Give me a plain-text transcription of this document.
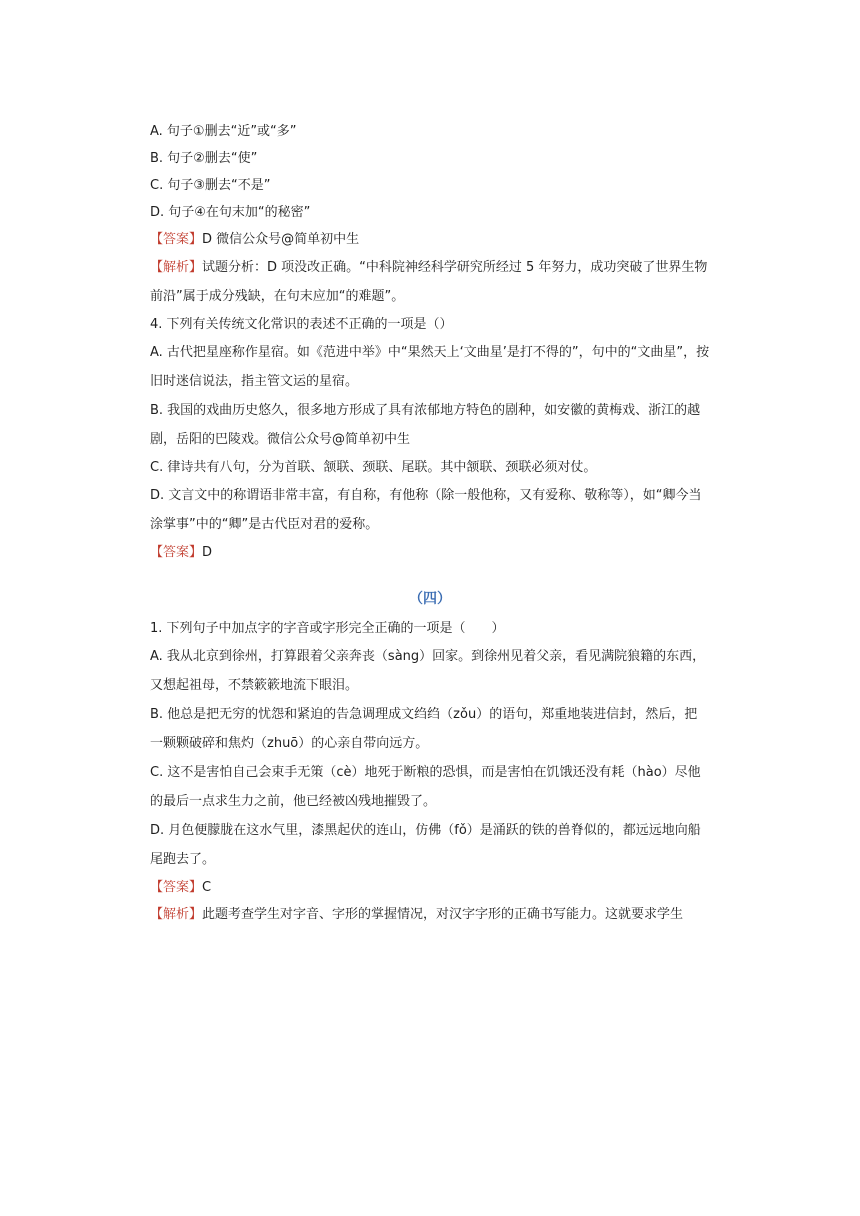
A. 句子①删去“近”或“多”
B. 句子②删去“使”
C. 句子③删去“不是”
D. 句子④在句末加“的秘密”
【答案】D 微信公众号@简单初中生
【解析】试题分析：D 项没改正确。“中科院神经科学研究所经过 5 年努力，成功突破了世界生物前沿”属于成分残缺，在句末应加“的难题”。
4. 下列有关传统文化常识的表述不正确的一项是（）
A. 古代把星座称作星宿。如《范进中举》中“果然天上‘文曲星’是打不得的”，句中的“文曲星”，按旧时迷信说法，指主管文运的星宿。
B. 我国的戏曲历史悠久，很多地方形成了具有浓郁地方特色的剧种，如安徽的黄梅戏、浙江的越剧，岳阳的巴陵戏。微信公众号@简单初中生
C. 律诗共有八句，分为首联、颔联、颈联、尾联。其中颔联、颈联必须对仗。
D. 文言文中的称谓语非常丰富，有自称，有他称（除一般他称，又有爱称、敬称等），如“卿今当涂掌事”中的“卿”是古代臣对君的爱称。
【答案】D
（四）
1. 下列句子中加点字的字音或字形完全正确的一项是（　　）
A. 我从北京到徐州，打算跟着父亲奔丧（sàng）回家。到徐州见着父亲，看见满院狼籍的东西，又想起祖母，不禁簌簌地流下眼泪。
B. 他总是把无穷的忧怨和紧迫的告急调理成文绉绉（zǒu）的语句，郑重地装进信封，然后，把一颗颗破碎和焦灼（zhuō）的心亲自带向远方。
C. 这不是害怕自己会束手无策（cè）地死于断粮的恐惧，而是害怕在饥饿还没有耗（hào）尽他的最后一点求生力之前，他已经被凶残地摧毁了。
D. 月色便朦胧在这水气里，漆黑起伏的连山，仿佛（fǒ）是涌跃的铁的兽脊似的，都远远地向船尾跑去了。
【答案】C
【解析】此题考查学生对字音、字形的掌握情况，对汉字字形的正确书写能力。这就要求学生
